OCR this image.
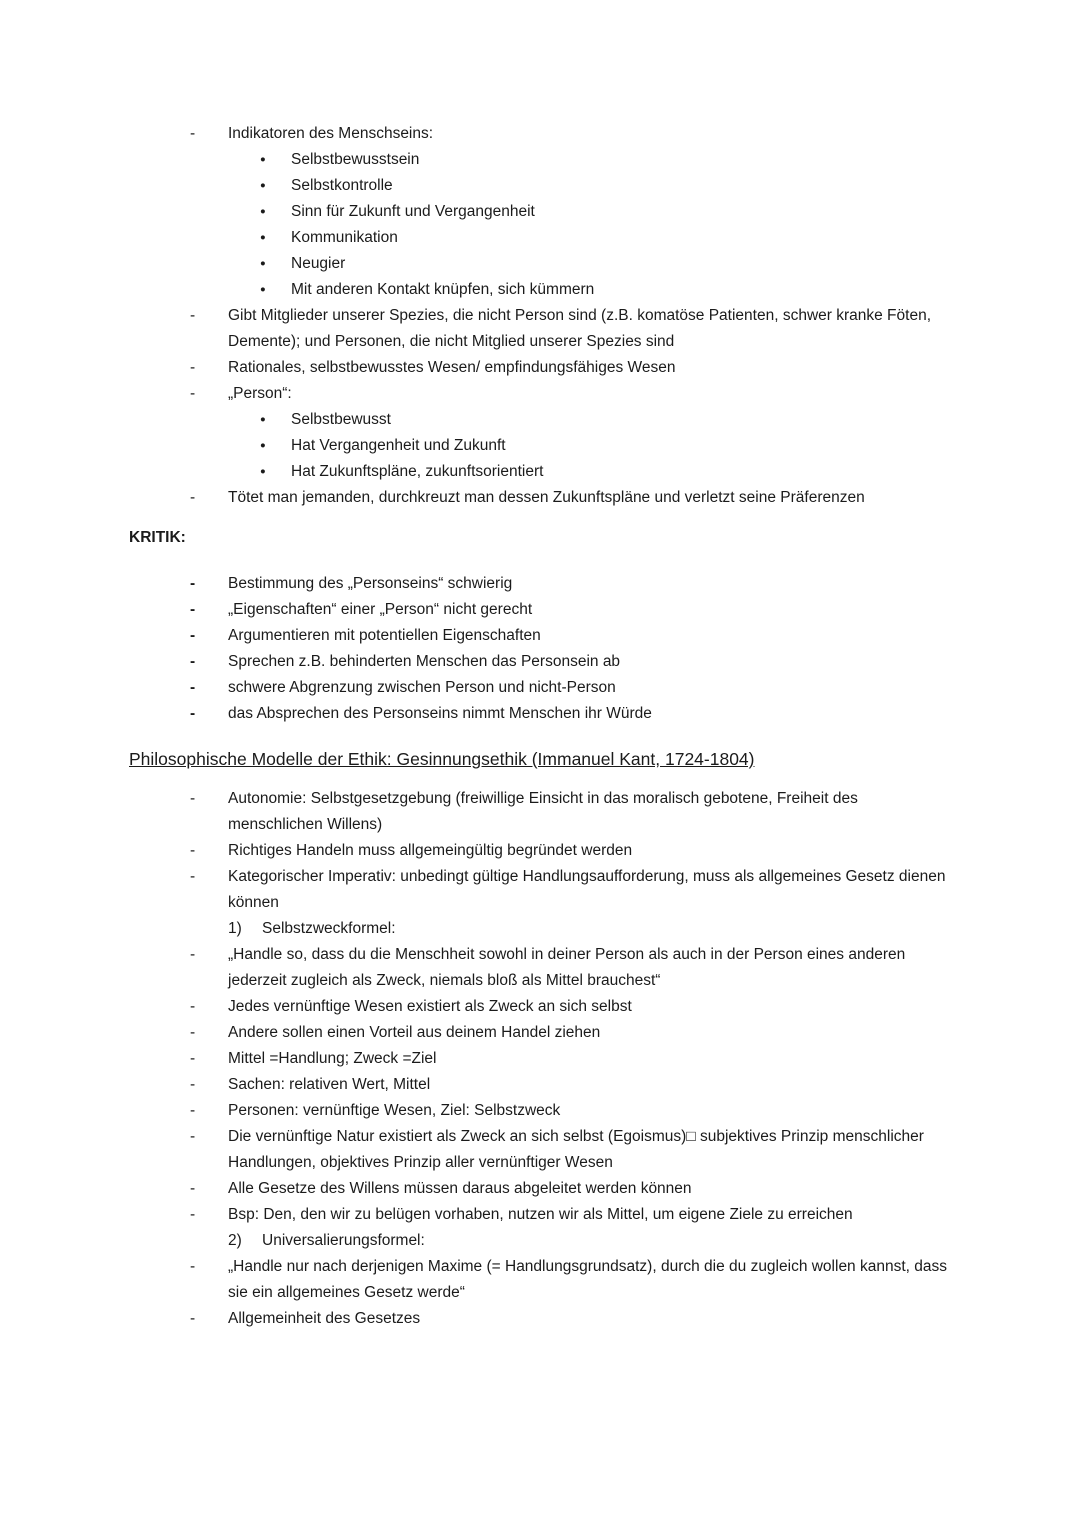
- Indikatoren des Menschseins:
● Selbstbewusstsein
● Selbstkontrolle
● Sinn für Zukunft und Vergangenheit
● Kommunikation
● Neugier
● Mit anderen Kontakt knüpfen, sich kümmern
- Gibt Mitglieder unserer Spezies, die nicht Person sind (z.B. komatöse Patienten, schwer kranke Föten, Demente); und Personen, die nicht Mitglied unserer Spezies sind
- Rationales, selbstbewusstes Wesen/ empfindungsfähiges Wesen
- „Person“:
● Selbstbewusst
● Hat Vergangenheit und Zukunft
● Hat Zukunftspläne, zukunftsorientiert
- Tötet man jemanden, durchkreuzt man dessen Zukunftspläne und verletzt seine Präferenzen
KRITIK:
- Bestimmung des „Personseins“ schwierig
- „Eigenschaften“ einer „Person“ nicht gerecht
- Argumentieren mit potentiellen Eigenschaften
- Sprechen z.B. behinderten Menschen das Personsein ab
- schwere Abgrenzung zwischen Person und nicht-Person
- das Absprechen des Personseins nimmt Menschen ihr Würde
Philosophische Modelle der Ethik: Gesinnungsethik (Immanuel Kant, 1724-1804)
- Autonomie: Selbstgesetzgebung (freiwillige Einsicht in das moralisch gebotene, Freiheit des menschlichen Willens)
- Richtiges Handeln muss allgemeingültig begründet werden
- Kategorischer Imperativ: unbedingt gültige Handlungsaufforderung, muss als allgemeines Gesetz dienen können
1) Selbstzweckformel:
- „Handle so, dass du die Menschheit sowohl in deiner Person als auch in der Person eines anderen jederzeit zugleich als Zweck, niemals bloß als Mittel brauchest“
- Jedes vernünftige Wesen existiert als Zweck an sich selbst
- Andere sollen einen Vorteil aus deinem Handel ziehen
- Mittel =Handlung; Zweck =Ziel
- Sachen: relativen Wert, Mittel
- Personen: vernünftige Wesen, Ziel: Selbstzweck
- Die vernünftige Natur existiert als Zweck an sich selbst (Egoismus)□ subjektives Prinzip menschlicher Handlungen, objektives Prinzip aller vernünftiger Wesen
- Alle Gesetze des Willens müssen daraus abgeleitet werden können
- Bsp: Den, den wir zu belügen vorhaben, nutzen wir als Mittel, um eigene Ziele zu erreichen
2) Universalierungsformel:
- „Handle nur nach derjenigen Maxime (= Handlungsgrundsatz), durch die du zugleich wollen kannst, dass sie ein allgemeines Gesetz werde“
- Allgemeinheit des Gesetzes
